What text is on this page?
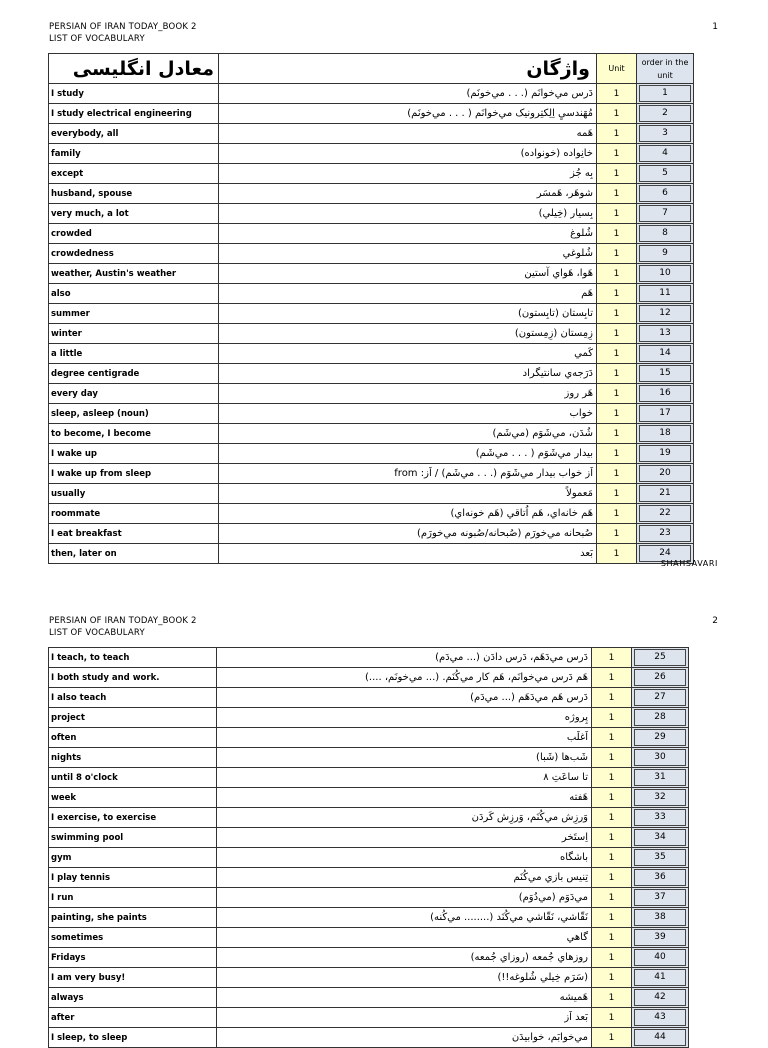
PERSIAN OF IRAN TODAY_BOOK 2
LIST OF VOCABULARY
1
معادل انگلیسی	واژگان	Unit	order in the unit
I study	دَرس مي‌خوانَم (. . . مي‌خونَم)	1	1

I study electrical engineering	مُهَندسيِ اِلِکتِرونيک مي‌خوانَم ( . . . مي‌خونَم)	1	2

everybody, all	هَمه	1	3

family	خانِواده (خونواده)	1	4

except	بِه جُز	1	5

husband, spouse	شوهَر، هَمسَر	1	6

very much, a lot	بِسيار (خِيلي)	1	7

crowded	شُلوغ	1	8

crowdedness	شُلوغي	1	9

weather, Austin's weather	هَوا، هَواي آستين	1	10

also	هَم	1	11

summer	تابِستان (تابِستون)	1	12

winter	زِمِستان (زِمِستون)	1	13

a little	کَمي	1	14

degree centigrade	دَرَجه‌ي سانتيگراد	1	15

every day	هَر روز	1	16

sleep, asleep (noun)	خواب	1	17

to become, I become	شُدَن، مي‌شَوَم (مي‌شَم)	1	18

I wake up	بيدار مي‌شَوَم ( . . . مي‌شَم)	1	19

I wake up from sleep	اَز خواب بيدار مي‌شَوَم (. . . مي‌شَم) / اَز: from	1	20

usually	مَعمولاً	1	21

roommate	هَم خانه‌اي، هَم اُتاقي (هَم خونه‌اي)	1	22

I eat breakfast	صُبحانه مي‌خورَم (صُبحانه/صُبونه مي‌خورَم)	1	23

then, later on	بَعد	1	24
SHAHSAVARI
PERSIAN OF IRAN TODAY_BOOK 2
LIST OF VOCABULARY
2
I teach, to teach	دَرس مي‌دَهَم، دَرس دادَن (... مي‌دَم)	1	25

I both study and work.	هَم دَرس مي‌خوانَم، هَم کار مي‌کُنَم. (... مي‌خونَم، ....)	1	26

I also teach	دَرس هَم مي‌دَهَم (... مي‌دَم)	1	27

project	پِروژه	1	28

often	اَغلَب	1	29

nights	شَب‌ها (شَبا)	1	30

until 8 o'clock	تا ساعَتِ ۸	1	31

week	هَفته	1	32

I exercise, to exercise	وَرزِش مي‌کُنَم، وَرزِش کَردَن	1	33

swimming pool	اِستَخر	1	34

gym	باشگاه	1	35

I play tennis	تِنيس بازي مي‌کُنَم	1	36

I run	مي‌دَوَم (مي‌دُوَم)	1	37

painting, she paints	نَقّاشي، نَقّاشي مي‌کُنَد (........ مي‌کُنه)	1	38

sometimes	گاهي	1	39

Fridays	روزهاي جُمعه (روزاي جُمعه)	1	40

I am very busy!	(سَرَم خِيلي شُلوغه!!)	1	41

always	هَميشه	1	42

after	بَعد اَز	1	43

I sleep, to sleep	مي‌خوابَم، خوابيدَن	1	44
